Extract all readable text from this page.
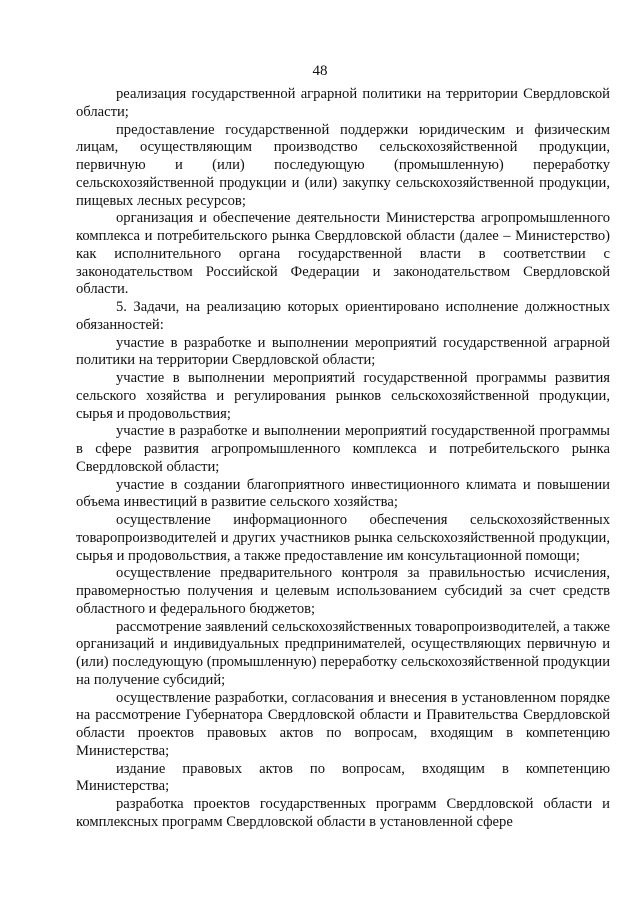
48

реализация государственной аграрной политики на территории Свердловской области;

предоставление государственной поддержки юридическим и физическим лицам, осуществляющим производство сельскохозяйственной продукции, первичную и (или) последующую (промышленную) переработку сельскохозяйственной продукции и (или) закупку сельскохозяйственной продукции, пищевых лесных ресурсов;

организация и обеспечение деятельности Министерства агропромышленного комплекса и потребительского рынка Свердловской области (далее – Министерство) как исполнительного органа государственной власти в соответствии с законодательством Российской Федерации и законодательством Свердловской области.

5. Задачи, на реализацию которых ориентировано исполнение должностных обязанностей:

участие в разработке и выполнении мероприятий государственной аграрной политики на территории Свердловской области;

участие в выполнении мероприятий государственной программы развития сельского хозяйства и регулирования рынков сельскохозяйственной продукции, сырья и продовольствия;

участие в разработке и выполнении мероприятий государственной программы в сфере развития агропромышленного комплекса и потребительского рынка Свердловской области;

участие в создании благоприятного инвестиционного климата и повышении объема инвестиций в развитие сельского хозяйства;

осуществление информационного обеспечения сельскохозяйственных товаропроизводителей и других участников рынка сельскохозяйственной продукции, сырья и продовольствия, а также предоставление им консультационной помощи;

осуществление предварительного контроля за правильностью исчисления, правомерностью получения и целевым использованием субсидий за счет средств областного и федерального бюджетов;

рассмотрение заявлений сельскохозяйственных товаропроизводителей, а также организаций и индивидуальных предпринимателей, осуществляющих первичную и (или) последующую (промышленную) переработку сельскохозяйственной продукции на получение субсидий;

осуществление разработки, согласования и внесения в установленном порядке на рассмотрение Губернатора Свердловской области и Правительства Свердловской области проектов правовых актов по вопросам, входящим в компетенцию Министерства;

издание правовых актов по вопросам, входящим в компетенцию Министерства;

разработка проектов государственных программ Свердловской области и комплексных программ Свердловской области в установленной сфере
